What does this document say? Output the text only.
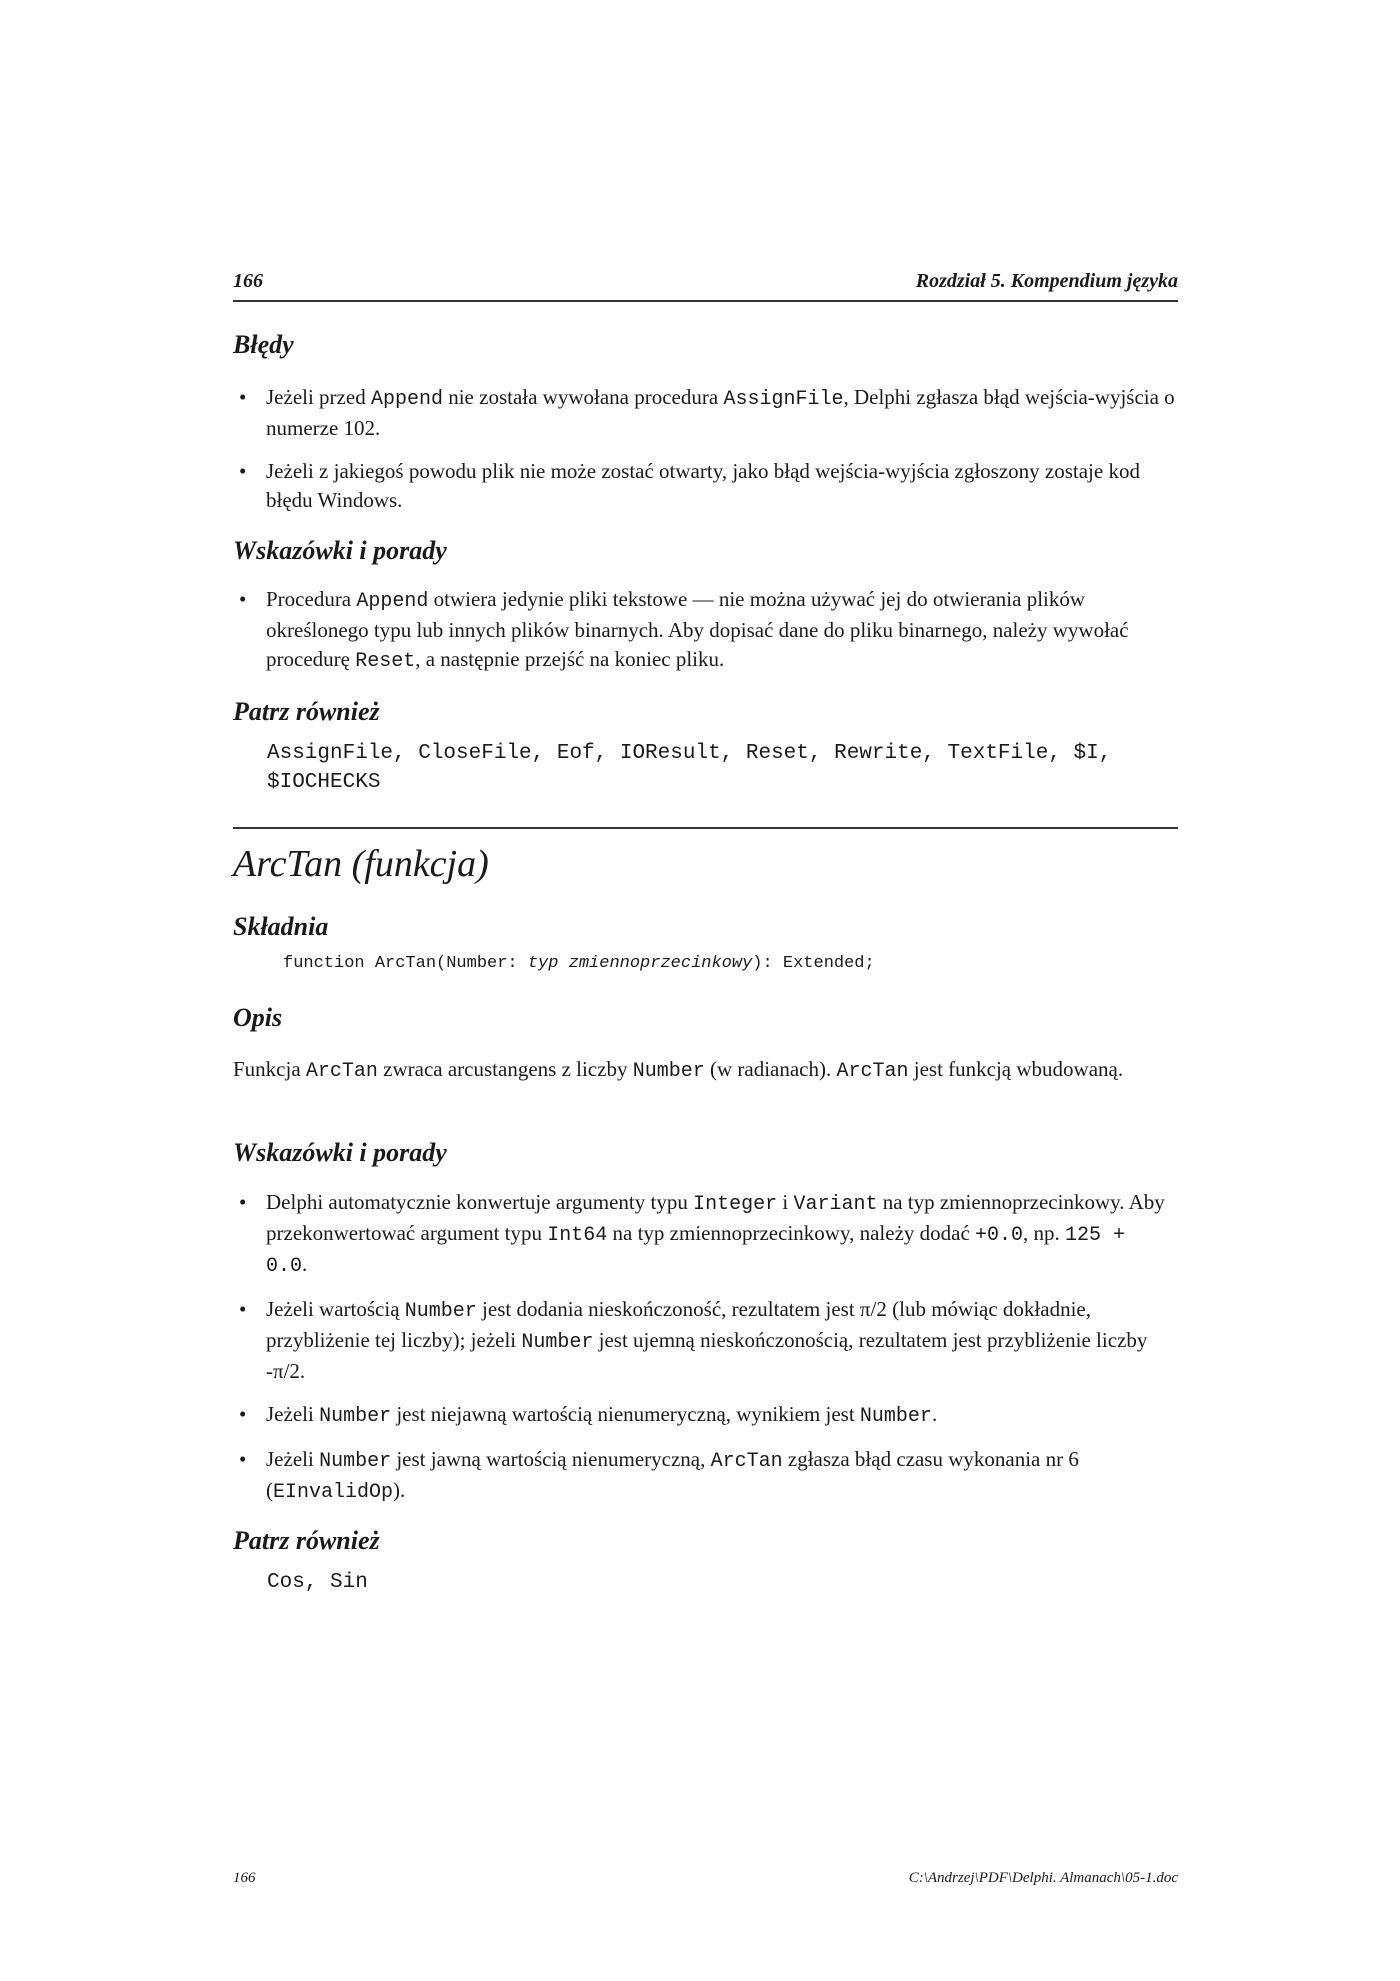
166	Rozdział 5. Kompendium języka
Błędy
• Jeżeli przed Append nie została wywołana procedura AssignFile, Delphi zgłasza błąd wejścia-wyjścia o numerze 102.
• Jeżeli z jakiegoś powodu plik nie może zostać otwarty, jako błąd wejścia-wyjścia zgłoszony zostaje kod błędu Windows.
Wskazówki i porady
• Procedura Append otwiera jedynie pliki tekstowe — nie można używać jej do otwierania plików określonego typu lub innych plików binarnych. Aby dopisać dane do pliku binarnego, należy wywołać procedurę Reset, a następnie przejść na koniec pliku.
Patrz również
AssignFile, CloseFile, Eof, IOResult, Reset, Rewrite, TextFile, $I, $IOCHECKS
ArcTan (funkcja)
Składnia
function ArcTan(Number: typ zmiennoprzecinkowy): Extended;
Opis
Funkcja ArcTan zwraca arcustangens z liczby Number (w radianach). ArcTan jest funkcją wbudowaną.
Wskazówki i porady
• Delphi automatycznie konwertuje argumenty typu Integer i Variant na typ zmiennoprzecinkowy. Aby przekonwertować argument typu Int64 na typ zmiennoprzecinkowy, należy dodać +0.0, np. 125 + 0.0.
• Jeżeli wartością Number jest dodania nieskończoność, rezultatem jest π/2 (lub mówiąc dokładnie, przybliżenie tej liczby); jeżeli Number jest ujemną nieskończonością, rezultatem jest przybliżenie liczby -π/2.
• Jeżeli Number jest niejawną wartością nienumeryczną, wynikiem jest Number.
• Jeżeli Number jest jawną wartością nienumeryczną, ArcTan zgłasza błąd czasu wykonania nr 6 (EInvalidOp).
Patrz również
Cos, Sin
166	C:\Andrzej\PDF\Delphi. Almanach\05-1.doc
